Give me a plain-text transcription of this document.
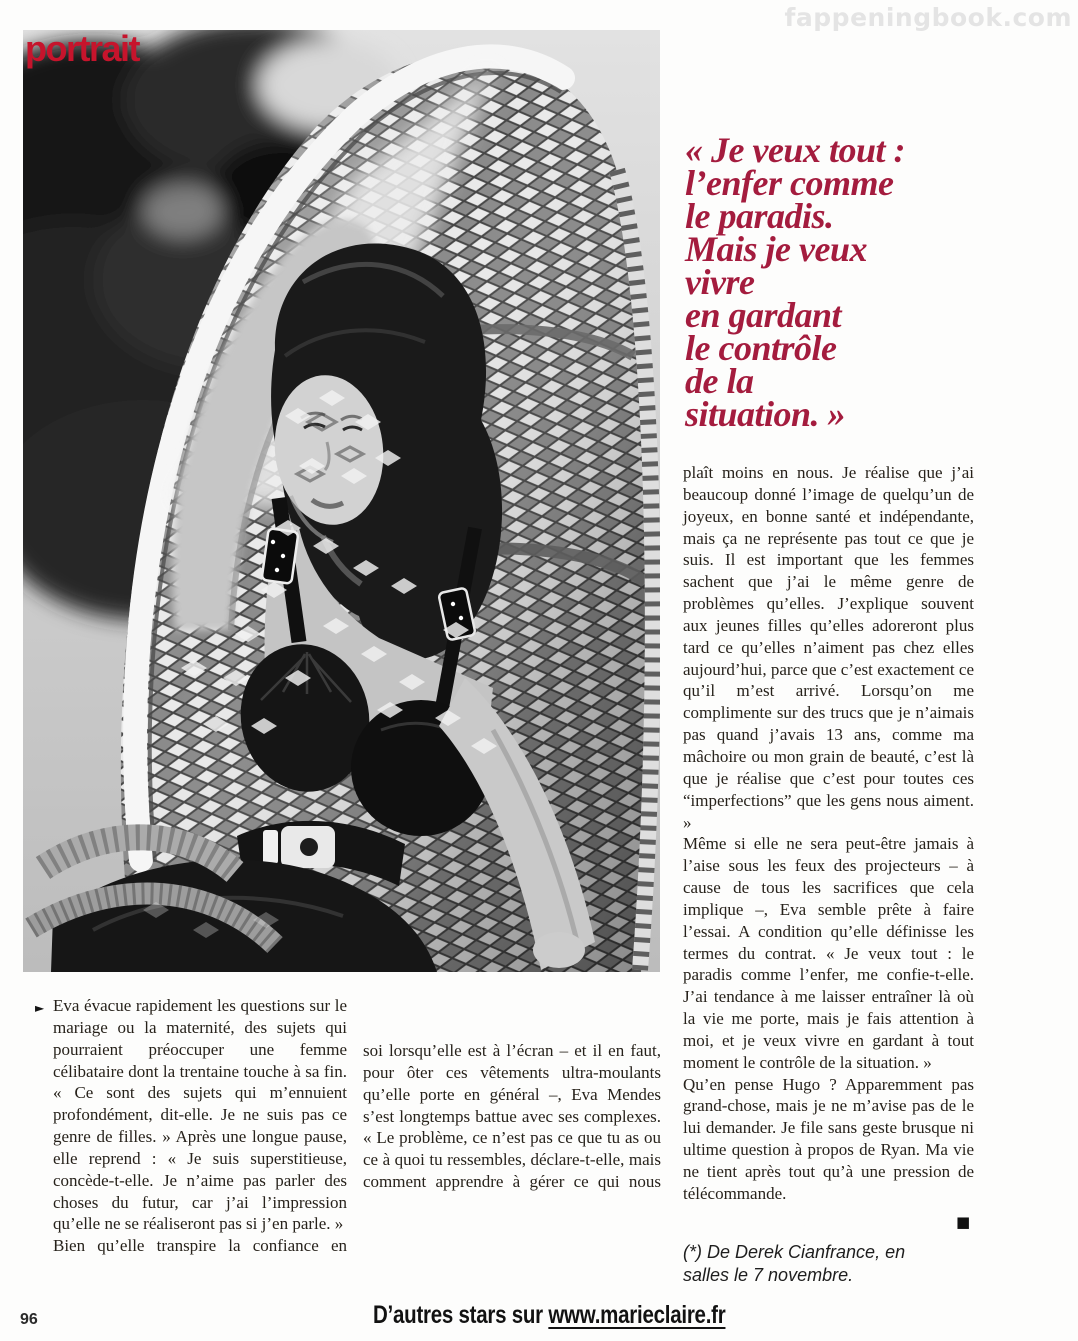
fappeningbook.com
portrait
« Je veux tout :
l’enfer comme
le paradis.
Mais je veux
vivre
en gardant
le contrôle
de la
situation. »
► Eva évacue rapidement les questions sur le mariage ou la maternité, des sujets qui pourraient préoccuper une femme célibataire dont la trentaine touche à sa fin. « Ce sont des sujets qui m’ennuient profondément, dit-elle. Je ne suis pas ce genre de filles. » Après une longue pause, elle reprend : « Je suis superstitieuse, concède-t-elle. Je n’aime pas parler des choses du futur, car j’ai l’impression qu’elle ne se réaliseront pas si j’en parle. »

Bien qu’elle transpire la confiance en

soi lorsqu’elle est à l’écran – et il en faut, pour ôter ces vêtements ultra-moulants qu’elle porte en général –, Eva Mendes s’est longtemps battue avec ses complexes. « Le problème, ce n’est pas ce que tu as ou ce à quoi tu ressembles, déclare-t-elle, mais comment apprendre à gérer ce qui nous

plaît moins en nous. Je réalise que j’ai beaucoup donné l’image de quelqu’un de joyeux, en bonne santé et indépendante, mais ça ne représente pas tout ce que je suis. Il est important que les femmes sachent que j’ai le même genre de problèmes qu’elles. J’explique souvent aux jeunes filles qu’elles adoreront plus tard ce qu’elles n’aiment pas chez elles aujourd’hui, parce que c’est exactement ce qu’il m’est arrivé. Lorsqu’on me complimente sur des trucs que je n’aimais pas quand j’avais 13 ans, comme ma mâchoire ou mon grain de beauté, c’est là que je réalise que c’est pour toutes ces “imperfections” que les gens nous aiment. »

Même si elle ne sera peut-être jamais à l’aise sous les feux des projecteurs – à cause de tous les sacrifices que cela implique –, Eva semble prête à faire l’essai. A condition qu’elle définisse les termes du contrat. « Je veux tout : le paradis comme l’enfer, me confie-t-elle. J’ai tendance à me laisser entraîner là où la vie me porte, mais je fais attention à moi, et je veux vivre en gardant à tout moment le contrôle de la situation. »

Qu’en pense Hugo ? Apparemment pas grand-chose, mais je ne m’avise pas de le lui demander. Je file sans geste brusque ni ultime question à propos de Ryan. Ma vie ne tient après tout qu’à une pression de télécommande.

■
(*) De Derek Cianfrance, en salles le 7 novembre.
96	D’autres stars sur www.marieclaire.fr
